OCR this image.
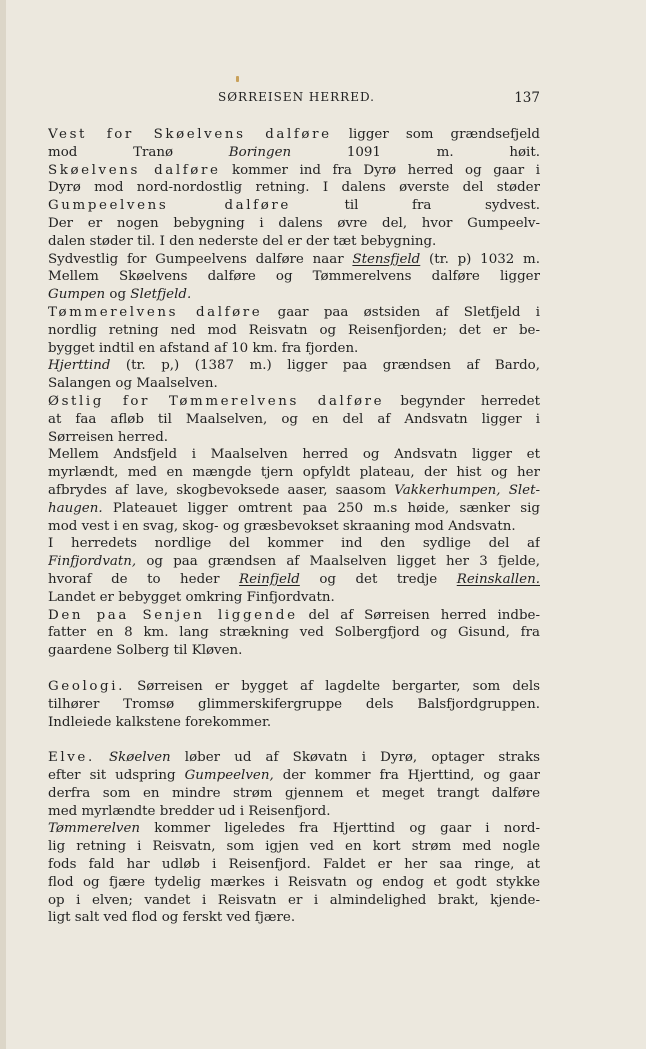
SØRREISEN HERRED.	137
Vest for Skøelvens dalføre ligger som grændsefjeld
mod Tranø Boringen 1091 m. høit.
Skøelvens dalføre kommer ind fra Dyrø herred og gaar i
Dyrø mod nord-nordostlig retning. I dalens øverste del støder
Gumpeelvens dalføre til fra sydvest.
Der er nogen bebygning i dalens øvre del, hvor Gumpeelv-
dalen støder til. I den nederste del er der tæt bebygning.
Sydvestlig for Gumpeelvens dalføre naar Stensfjeld (tr. p) 1032 m.
Mellem Skøelvens dalføre og Tømmerelvens dalføre ligger
Gumpen og Sletfjeld.
Tømmerelvens dalføre gaar paa østsiden af Sletfjeld i
nordlig retning ned mod Reisvatn og Reisenfjorden; det er be-
bygget indtil en afstand af 10 km. fra fjorden.
Hjerttind (tr. p,) (1387 m.) ligger paa grændsen af Bardo,
Salangen og Maalselven.
Østlig for Tømmerelvens dalføre begynder herredet
at faa afløb til Maalselven, og en del af Andsvatn ligger i
Sørreisen herred.
Mellem Andsfjeld i Maalselven herred og Andsvatn ligger et
myrlændt, med en mængde tjern opfyldt plateau, der hist og her
afbrydes af lave, skogbevoksede aaser, saasom Vakkerhumpen, Slet-
haugen. Plateauet ligger omtrent paa 250 m.s høide, sænker sig
mod vest i en svag, skog- og græsbevokset skraaning mod Andsvatn.
I herredets nordlige del kommer ind den sydlige del af
Finfjordvatn, og paa grændsen af Maalselven ligget her 3 fjelde,
hvoraf de to heder Reinfjeld og det tredje Reinskallen.
Landet er bebygget omkring Finfjordvatn.
Den paa Senjen liggende del af Sørreisen herred indbe-
fatter en 8 km. lang strækning ved Solbergfjord og Gisund, fra
gaardene Solberg til Kløven.
Geologi. Sørreisen er bygget af lagdelte bergarter, som dels
tilhører Tromsø glimmerskifergruppe dels Balsfjordgruppen.
Indleiede kalkstene forekommer.
Elve. Skøelven løber ud af Skøvatn i Dyrø, optager straks
efter sit udspring Gumpeelven, der kommer fra Hjerttind, og gaar
derfra som en mindre strøm gjennem et meget trangt dalføre
med myrlændte bredder ud i Reisenfjord.
Tømmerelven kommer ligeledes fra Hjerttind og gaar i nord-
lig retning i Reisvatn, som igjen ved en kort strøm med nogle
fods fald har udløb i Reisenfjord. Faldet er her saa ringe, at
flod og fjære tydelig mærkes i Reisvatn og endog et godt stykke
op i elven; vandet i Reisvatn er i almindelighed brakt, kjende-
ligt salt ved flod og ferskt ved fjære.
